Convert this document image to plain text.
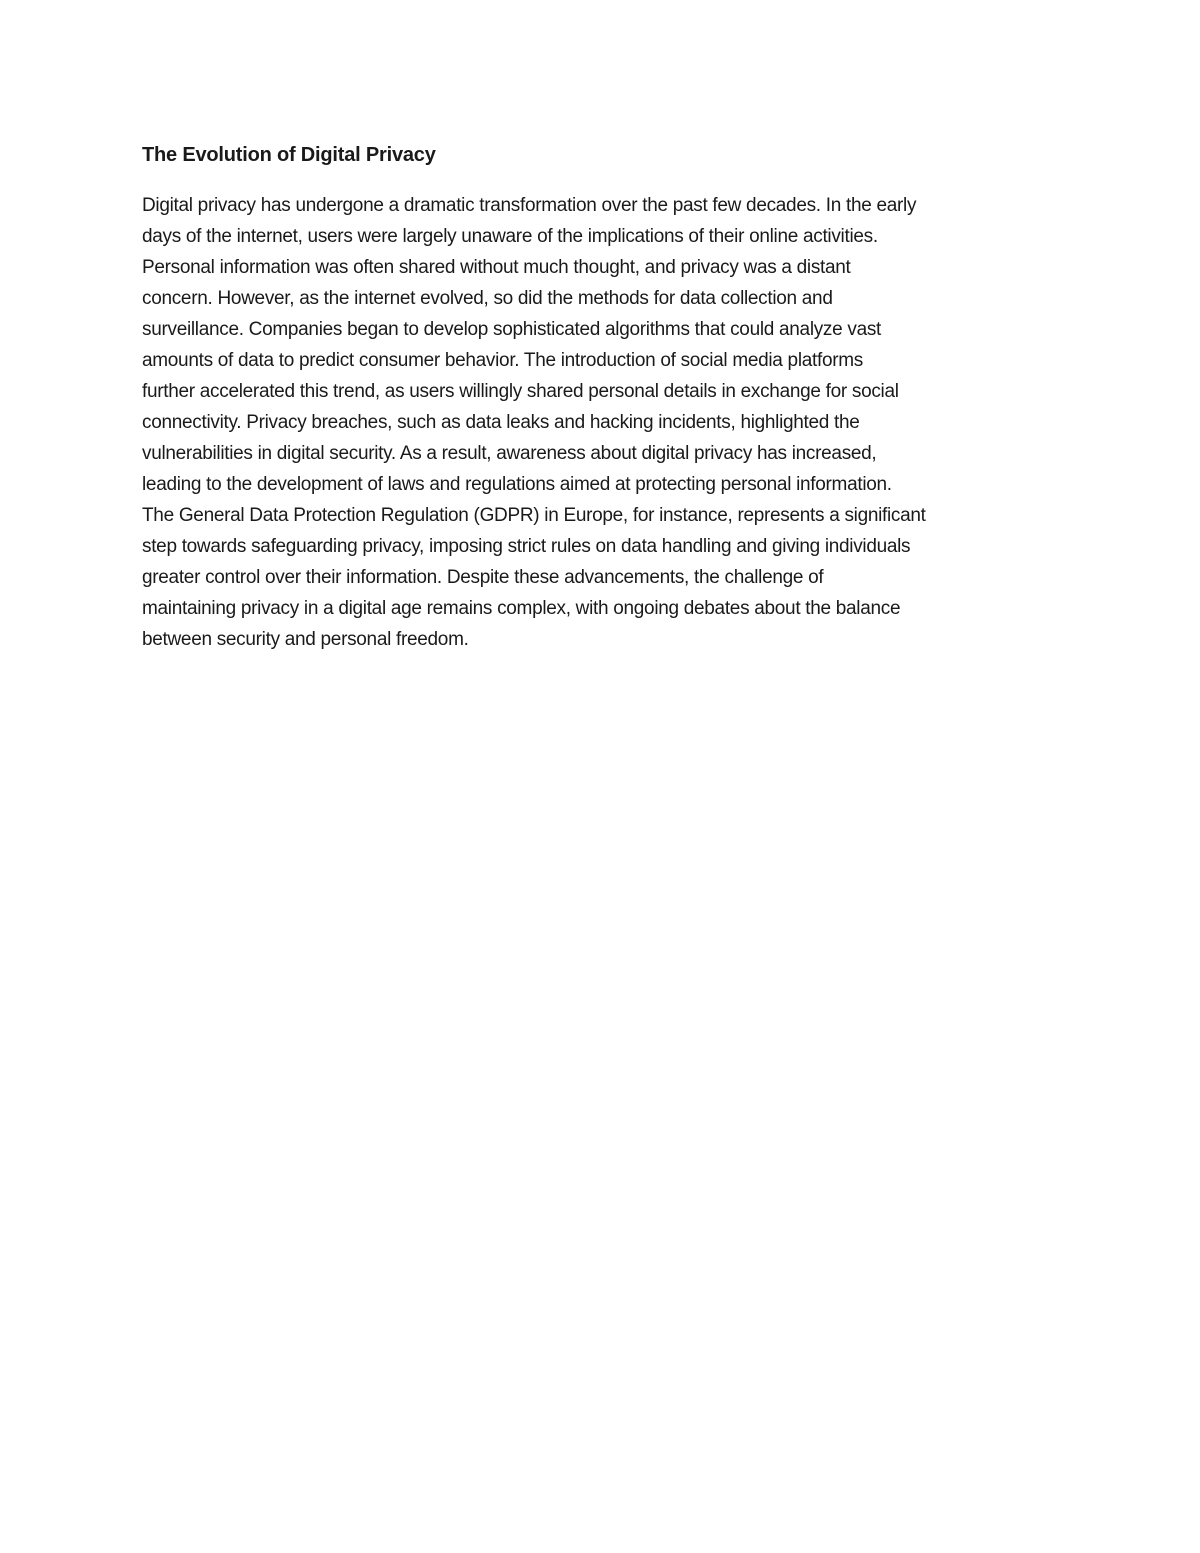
The Evolution of Digital Privacy
Digital privacy has undergone a dramatic transformation over the past few decades. In the early
days of the internet, users were largely unaware of the implications of their online activities.
Personal information was often shared without much thought, and privacy was a distant
concern. However, as the internet evolved, so did the methods for data collection and
surveillance. Companies began to develop sophisticated algorithms that could analyze vast
amounts of data to predict consumer behavior. The introduction of social media platforms
further accelerated this trend, as users willingly shared personal details in exchange for social
connectivity. Privacy breaches, such as data leaks and hacking incidents, highlighted the
vulnerabilities in digital security. As a result, awareness about digital privacy has increased,
leading to the development of laws and regulations aimed at protecting personal information.
The General Data Protection Regulation (GDPR) in Europe, for instance, represents a significant
step towards safeguarding privacy, imposing strict rules on data handling and giving individuals
greater control over their information. Despite these advancements, the challenge of
maintaining privacy in a digital age remains complex, with ongoing debates about the balance
between security and personal freedom.
